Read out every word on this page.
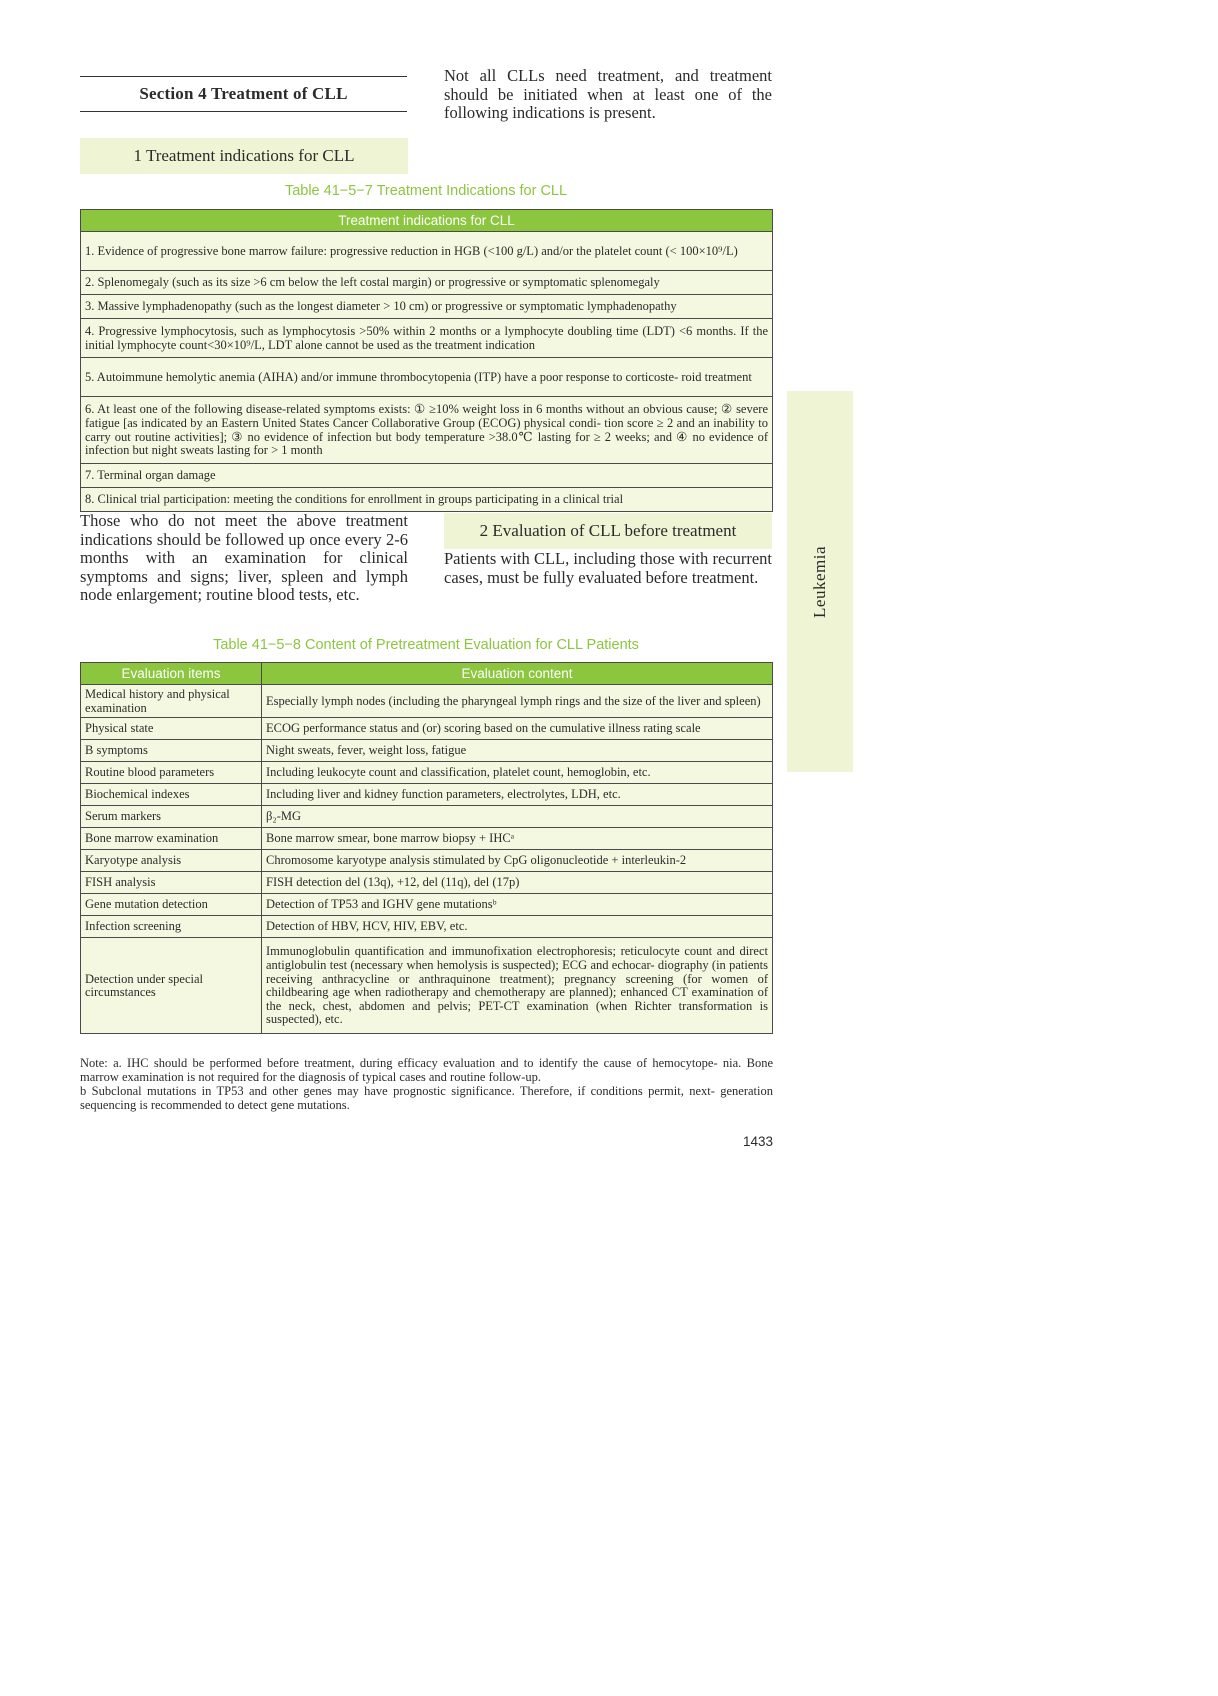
Section 4 Treatment of CLL
Not all CLLs need treatment, and treatment should be initiated when at least one of the following indications is present.
1 Treatment indications for CLL
Table 41−5−7 Treatment Indications for CLL
Treatment indications for CLL
1. Evidence of progressive bone marrow failure: progressive reduction in HGB (<100 g/L) and/or the platelet count (< 100×10⁹/L)
2. Splenomegaly (such as its size >6 cm below the left costal margin) or progressive or symptomatic splenomegaly
3. Massive lymphadenopathy (such as the longest diameter > 10 cm) or progressive or symptomatic lymphadenopathy
4. Progressive lymphocytosis, such as lymphocytosis >50% within 2 months or a lymphocyte doubling time (LDT) <6 months. If the initial lymphocyte count<30×10⁹/L, LDT alone cannot be used as the treatment indication
5. Autoimmune hemolytic anemia (AIHA) and/or immune thrombocytopenia (ITP) have a poor response to corticoste- roid treatment
6. At least one of the following disease-related symptoms exists: ① ≥10% weight loss in 6 months without an obvious cause; ② severe fatigue [as indicated by an Eastern United States Cancer Collaborative Group (ECOG) physical condi- tion score ≥ 2 and an inability to carry out routine activities]; ③ no evidence of infection but body temperature >38.0℃ lasting for ≥ 2 weeks; and ④ no evidence of infection but night sweats lasting for > 1 month
7. Terminal organ damage
8. Clinical trial participation: meeting the conditions for enrollment in groups participating in a clinical trial
Those who do not meet the above treatment indications should be followed up once every 2-6 months with an examination for clinical symptoms and signs; liver, spleen and lymph node enlargement; routine blood tests, etc.
2 Evaluation of CLL before treatment
Patients with CLL, including those with recurrent cases, must be fully evaluated before treatment.
Table 41−5−8 Content of Pretreatment Evaluation for CLL Patients
Evaluation items	Evaluation content
Medical history and physical examination	Especially lymph nodes (including the pharyngeal lymph rings and the size of the liver and spleen)
Physical state	ECOG performance status and (or) scoring based on the cumulative illness rating scale
B symptoms	Night sweats, fever, weight loss, fatigue
Routine blood parameters	Including leukocyte count and classification, platelet count, hemoglobin, etc.
Biochemical indexes	Including liver and kidney function parameters, electrolytes, LDH, etc.
Serum markers	β₂-MG
Bone marrow examination	Bone marrow smear, bone marrow biopsy + IHCᵃ
Karyotype analysis	Chromosome karyotype analysis stimulated by CpG oligonucleotide + interleukin-2
FISH analysis	FISH detection del (13q), +12, del (11q), del (17p)
Gene mutation detection	Detection of TP53 and IGHV gene mutationsᵇ
Infection screening	Detection of HBV, HCV, HIV, EBV, etc.
Detection under special circumstances	Immunoglobulin quantification and immunofixation electrophoresis; reticulocyte count and direct antiglobulin test (necessary when hemolysis is suspected); ECG and echocar- diography (in patients receiving anthracycline or anthraquinone treatment); pregnancy screening (for women of childbearing age when radiotherapy and chemotherapy are planned); enhanced CT examination of the neck, chest, abdomen and pelvis; PET-CT examination (when Richter transformation is suspected), etc.

Note: a. IHC should be performed before treatment, during efficacy evaluation and to identify the cause of hemocytope- nia. Bone marrow examination is not required for the diagnosis of typical cases and routine follow-up.

b Subclonal mutations in TP53 and other genes may have prognostic significance. Therefore, if conditions permit, next- generation sequencing is recommended to detect gene mutations.

1433
Leukemia
